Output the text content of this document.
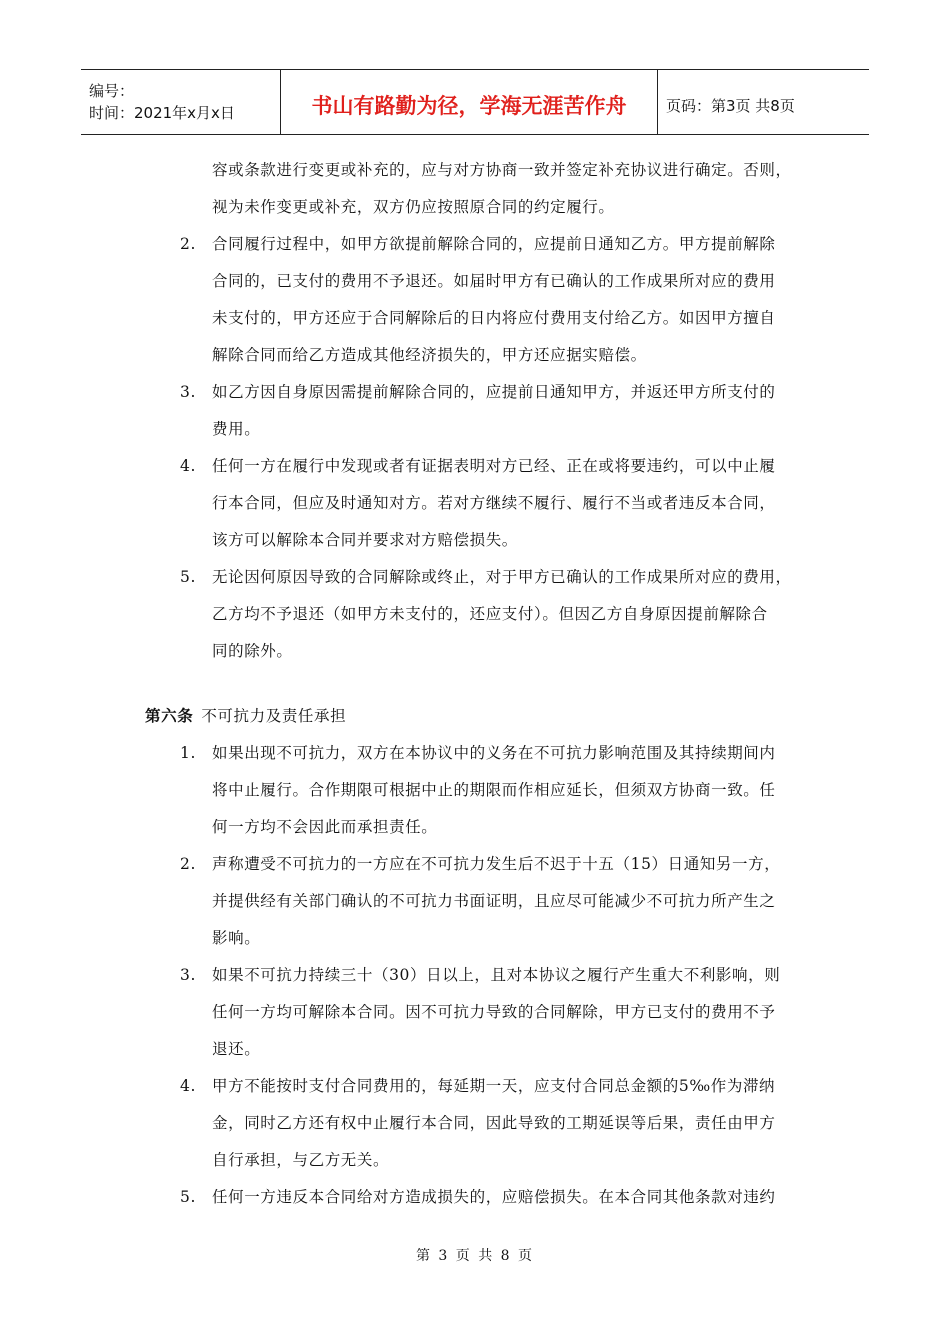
编号：
时间：2021年x月x日	书山有路勤为径，学海无涯苦作舟	页码：第3页 共8页
容或条款进行变更或补充的，应与对方协商一致并签定补充协议进行确定。否则，
视为未作变更或补充，双方仍应按照原合同的约定履行。
2. 合同履行过程中，如甲方欲提前解除合同的，应提前日通知乙方。甲方提前解除
合同的，已支付的费用不予退还。如届时甲方有已确认的工作成果所对应的费用
未支付的，甲方还应于合同解除后的日内将应付费用支付给乙方。如因甲方擅自
解除合同而给乙方造成其他经济损失的，甲方还应据实赔偿。
3. 如乙方因自身原因需提前解除合同的，应提前日通知甲方，并返还甲方所支付的
费用。
4. 任何一方在履行中发现或者有证据表明对方已经、正在或将要违约，可以中止履
行本合同，但应及时通知对方。若对方继续不履行、履行不当或者违反本合同，
该方可以解除本合同并要求对方赔偿损失。
5. 无论因何原因导致的合同解除或终止，对于甲方已确认的工作成果所对应的费用，
乙方均不予退还（如甲方未支付的，还应支付）。但因乙方自身原因提前解除合
同的除外。
第六条 不可抗力及责任承担
1. 如果出现不可抗力，双方在本协议中的义务在不可抗力影响范围及其持续期间内
将中止履行。合作期限可根据中止的期限而作相应延长，但须双方协商一致。任
何一方均不会因此而承担责任。
2. 声称遭受不可抗力的一方应在不可抗力发生后不迟于十五（15）日通知另一方，
并提供经有关部门确认的不可抗力书面证明，且应尽可能减少不可抗力所产生之
影响。
3. 如果不可抗力持续三十（30）日以上，且对本协议之履行产生重大不利影响，则
任何一方均可解除本合同。因不可抗力导致的合同解除，甲方已支付的费用不予
退还。
4. 甲方不能按时支付合同费用的，每延期一天，应支付合同总金额的5‰作为滞纳
金，同时乙方还有权中止履行本合同，因此导致的工期延误等后果，责任由甲方
自行承担，与乙方无关。
5. 任何一方违反本合同给对方造成损失的，应赔偿损失。在本合同其他条款对违约
第 3 页 共 8 页
